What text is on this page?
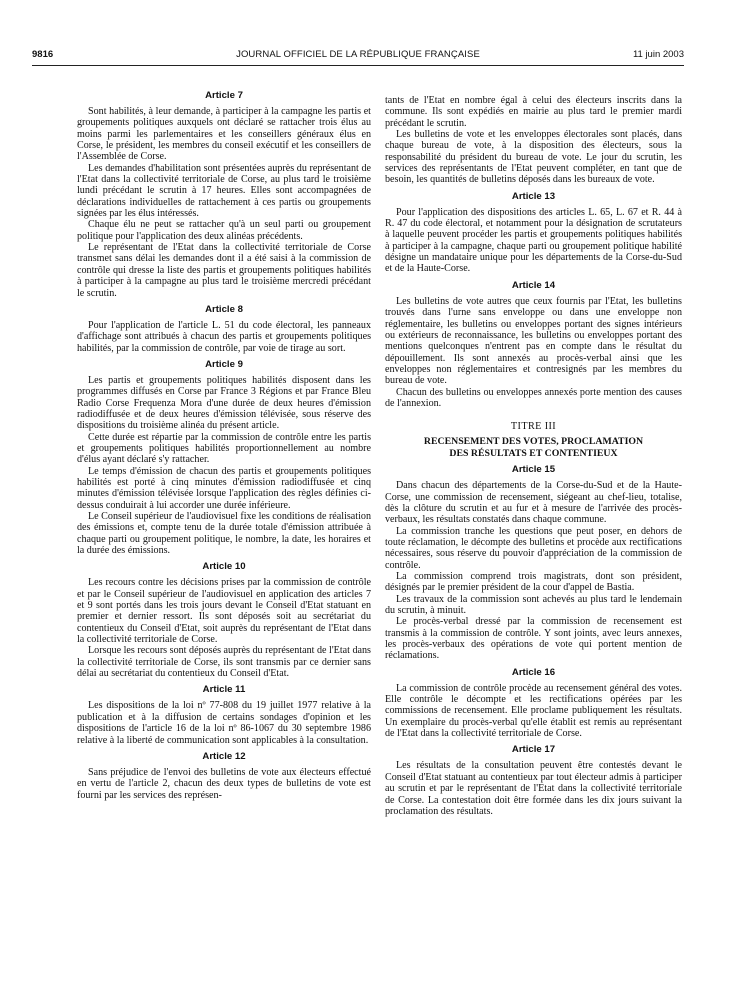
9816	JOURNAL OFFICIEL DE LA RÉPUBLIQUE FRANÇAISE	11 juin 2003
Article 7

Sont habilités, à leur demande, à participer à la campagne les partis et groupements politiques auxquels ont déclaré se rattacher trois élus au moins parmi les parlementaires et les conseillers généraux élus en Corse, le président, les membres du conseil exécutif et les conseillers de l'Assemblée de Corse.

Les demandes d'habilitation sont présentées auprès du représentant de l'Etat dans la collectivité territoriale de Corse, au plus tard le troisième lundi précédant le scrutin à 17 heures. Elles sont accompagnées de déclarations individuelles de rattachement à ces partis ou groupements signées par les élus intéressés.

Chaque élu ne peut se rattacher qu'à un seul parti ou groupement politique pour l'application des deux alinéas précédents.

Le représentant de l'Etat dans la collectivité territoriale de Corse transmet sans délai les demandes dont il a été saisi à la commission de contrôle qui dresse la liste des partis et groupements politiques habilités à participer à la campagne au plus tard le troisième mercredi précédant le scrutin.

Article 8

Pour l'application de l'article L. 51 du code électoral, les panneaux d'affichage sont attribués à chacun des partis et groupements politiques habilités, par la commission de contrôle, par voie de tirage au sort.

Article 9

Les partis et groupements politiques habilités disposent dans les programmes diffusés en Corse par France 3 Régions et par France Bleu Radio Corse Frequenza Mora d'une durée de deux heures d'émission radiodiffusée et de deux heures d'émission télévisée, sous réserve des dispositions du troisième alinéa du présent article.

Cette durée est répartie par la commission de contrôle entre les partis et groupements politiques habilités proportionnellement au nombre d'élus ayant déclaré s'y rattacher.

Le temps d'émission de chacun des partis et groupements politiques habilités est porté à cinq minutes d'émission radiodiffusée et cinq minutes d'émission télévisée lorsque l'application des règles définies ci-dessus conduirait à lui accorder une durée inférieure.

Le Conseil supérieur de l'audiovisuel fixe les conditions de réalisation des émissions et, compte tenu de la durée totale d'émission attribuée à chaque parti ou groupement politique, le nombre, la date, les horaires et la durée des émissions.

Article 10

Les recours contre les décisions prises par la commission de contrôle et par le Conseil supérieur de l'audiovisuel en application des articles 7 et 9 sont portés dans les trois jours devant le Conseil d'Etat statuant en premier et dernier ressort. Ils sont déposés soit au secrétariat du contentieux du Conseil d'Etat, soit auprès du représentant de l'Etat dans la collectivité territoriale de Corse.

Lorsque les recours sont déposés auprès du représentant de l'Etat dans la collectivité territoriale de Corse, ils sont transmis par ce dernier sans délai au secrétariat du contentieux du Conseil d'Etat.

Article 11

Les dispositions de la loi nº 77-808 du 19 juillet 1977 relative à la publication et à la diffusion de certains sondages d'opinion et les dispositions de l'article 16 de la loi nº 86-1067 du 30 septembre 1986 relative à la liberté de communication sont applicables à la consultation.

Article 12

Sans préjudice de l'envoi des bulletins de vote aux électeurs effectué en vertu de l'article 2, chacun des deux types de bulletins de vote est fourni par les services des représen-

tants de l'Etat en nombre égal à celui des électeurs inscrits dans la commune. Ils sont expédiés en mairie au plus tard le premier mardi précédant le scrutin.

Les bulletins de vote et les enveloppes électorales sont placés, dans chaque bureau de vote, à la disposition des électeurs, sous la responsabilité du président du bureau de vote. Le jour du scrutin, les services des représentants de l'Etat peuvent compléter, en tant que de besoin, les quantités de bulletins déposés dans les bureaux de vote.

Article 13

Pour l'application des dispositions des articles L. 65, L. 67 et R. 44 à R. 47 du code électoral, et notamment pour la désignation de scrutateurs à laquelle peuvent procéder les partis et groupements politiques habilités à participer à la campagne, chaque parti ou groupement politique habilité désigne un mandataire unique pour les départements de la Corse-du-Sud et de la Haute-Corse.

Article 14

Les bulletins de vote autres que ceux fournis par l'Etat, les bulletins trouvés dans l'urne sans enveloppe ou dans une enveloppe non réglementaire, les bulletins ou enveloppes portant des signes intérieurs ou extérieurs de reconnaissance, les bulletins ou enveloppes portant des mentions quelconques n'entrent pas en compte dans le résultat du dépouillement. Ils sont annexés au procès-verbal ainsi que les enveloppes non réglementaires et contresignés par les membres du bureau de vote.

Chacun des bulletins ou enveloppes annexés porte mention des causes de l'annexion.

TITRE III
RECENSEMENT DES VOTES, PROCLAMATION
DES RÉSULTATS ET CONTENTIEUX
Article 15

Dans chacun des départements de la Corse-du-Sud et de la Haute-Corse, une commission de recensement, siégeant au chef-lieu, totalise, dès la clôture du scrutin et au fur et à mesure de l'arrivée des procès-verbaux, les résultats constatés dans chaque commune.

La commission tranche les questions que peut poser, en dehors de toute réclamation, le décompte des bulletins et procède aux rectifications nécessaires, sous réserve du pouvoir d'appréciation de la commission de contrôle.

La commission comprend trois magistrats, dont son président, désignés par le premier président de la cour d'appel de Bastia.

Les travaux de la commission sont achevés au plus tard le lendemain du scrutin, à minuit.

Le procès-verbal dressé par la commission de recensement est transmis à la commission de contrôle. Y sont joints, avec leurs annexes, les procès-verbaux des opérations de vote qui portent mention de réclamations.

Article 16

La commission de contrôle procède au recensement général des votes. Elle contrôle le décompte et les rectifications opérées par les commissions de recensement. Elle proclame publiquement les résultats. Un exemplaire du procès-verbal qu'elle établit est remis au représentant de l'Etat dans la collectivité territoriale de Corse.

Article 17

Les résultats de la consultation peuvent être contestés devant le Conseil d'Etat statuant au contentieux par tout électeur admis à participer au scrutin et par le représentant de l'Etat dans la collectivité territoriale de Corse. La contestation doit être formée dans les dix jours suivant la proclamation des résultats.
